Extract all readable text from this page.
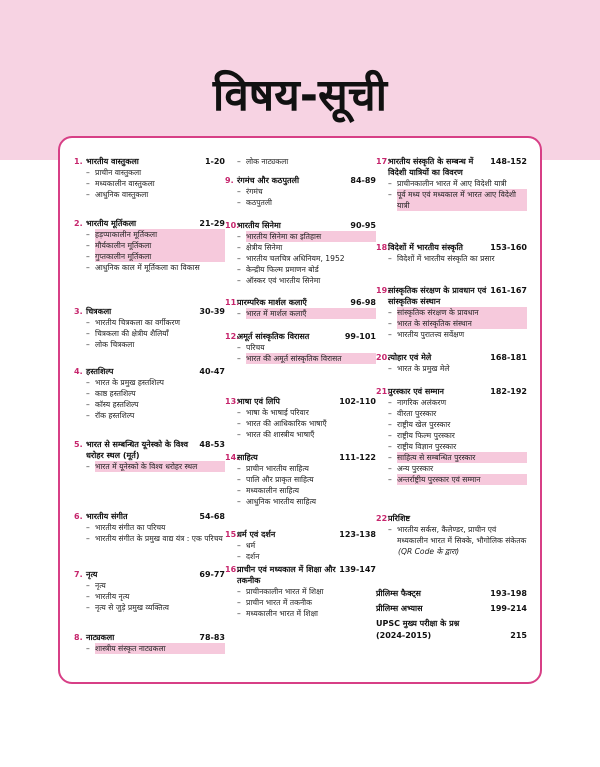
विषय-सूची
1. भारतीय वास्तुकला	1-20
– प्राचीन वास्तुकला
– मध्यकालीन वास्तुकला
– आधुनिक वास्तुकला
2. भारतीय मूर्तिकला	21-29
– हड़प्पाकालीन मूर्तिकला
– मौर्यकालीन मूर्तिकला
– गुप्तकालीन मूर्तिकला
– आधुनिक काल में मूर्तिकला का विकास
3. चित्रकला	30-39
– भारतीय चित्रकला का वर्गीकरण
– चित्रकला की क्षेत्रीय शैलियाँ
– लोक चित्रकला
4. हस्तशिल्प	40-47
– भारत के प्रमुख हस्तशिल्प
– काष्ठ हस्तशिल्प
– कॉस्य हस्तशिल्प
– रॉक हस्तशिल्प
5. भारत से सम्बन्धित यूनेस्को के विश्व धरोहर स्थल (मूर्त)
48-53
– भारत में यूनेस्को के विश्व धरोहर स्थल
6. भारतीय संगीत	54-68
– भारतीय संगीत का परिचय
– भारतीय संगीत के प्रमुख वाद्य यंत्र : एक परिचय
7. नृत्य	69-77
– नृत्य
– भारतीय नृत्य
– नृत्य से जुड़े प्रमुख व्यक्तित्व
8. नाट्यकला	78-83
– शास्त्रीय संस्कृत नाट्यकला
– लोक नाट्यकला
9. रंगमंच और कठपुतली	84-89
– रंगमंच
– कठपुतली
10.
भारतीय सिनेमा	90-95
– भारतीय सिनेमा का इतिहास
– क्षेत्रीय सिनेमा
– भारतीय चलचित्र अधिनियम, 1952
– केन्द्रीय फिल्म प्रमाणन बोर्ड
– ऑस्कर एवं भारतीय सिनेमा
11.
पारम्परिक मार्शल कलाएँ	96-98
– भारत में मार्शल कलाएँ
12.
अमूर्त सांस्कृतिक विरासत	99-101
– परिचय
– भारत की अमूर्त सांस्कृतिक विरासत
13.
भाषा एवं लिपि	102-110
– भाषा के भाषाई परिवार
– भारत की आधिकारिक भाषाएँ
– भारत की शास्त्रीय भाषाएँ
14.
साहित्य	111-122
– प्राचीन भारतीय साहित्य
– पालि और प्राकृत साहित्य
– मध्यकालीन साहित्य
– आधुनिक भारतीय साहित्य
15.
धर्म एवं दर्शन	123-138
– धर्म
– दर्शन
16.
प्राचीन एवं मध्यकाल में शिक्षा और तकनीक
139-147
– प्राचीनकालीन भारत में शिक्षा
– प्राचीन भारत में तकनीक
– मध्यकालीन भारत में शिक्षा
17.
भारतीय संस्कृति के सम्बन्ध में विदेशी यात्रियों का विवरण
148-152
– प्राचीनकालीन भारत में आए विदेशी यात्री
– पूर्व मध्य एवं मध्यकाल में भारत आए विदेशी यात्री
18.
विदेशों में भारतीय संस्कृति	153-160
– विदेशों में भारतीय संस्कृति का प्रसार
19.
सांस्कृतिक संरक्षण के प्रावधान एवं सांस्कृतिक संस्थान
161-167
– सांस्कृतिक संरक्षण के प्रावधान
– भारत के सांस्कृतिक संस्थान
– भारतीय पुरातत्त्व सर्वेक्षण
20.
त्योहार एवं मेले	168-181
– भारत के प्रमुख मेले
21.
पुरस्कार एवं सम्मान	182-192
– नागरिक अलंकरण
– वीरता पुरस्कार
– राष्ट्रीय खेल पुरस्कार
– राष्ट्रीय फिल्म पुरस्कार
– राष्ट्रीय विज्ञान पुरस्कार
– साहित्य से सम्बन्धित पुरस्कार
– अन्य पुरस्कार
– अन्तर्राष्ट्रीय पुरस्कार एवं सम्मान
22.
परिशिष्ट
– भारतीय सर्कस, कैलेण्डर, प्राचीन एवं मध्यकालीन भारत में सिक्के, भौगोलिक संकेतक
(QR Code के द्वारा)
प्रीलिम्स फैक्ट्स	193-198
प्रीलिम्स अभ्यास	199-214
UPSC मुख्य परीक्षा के प्रश्न (2024-2015)	215
